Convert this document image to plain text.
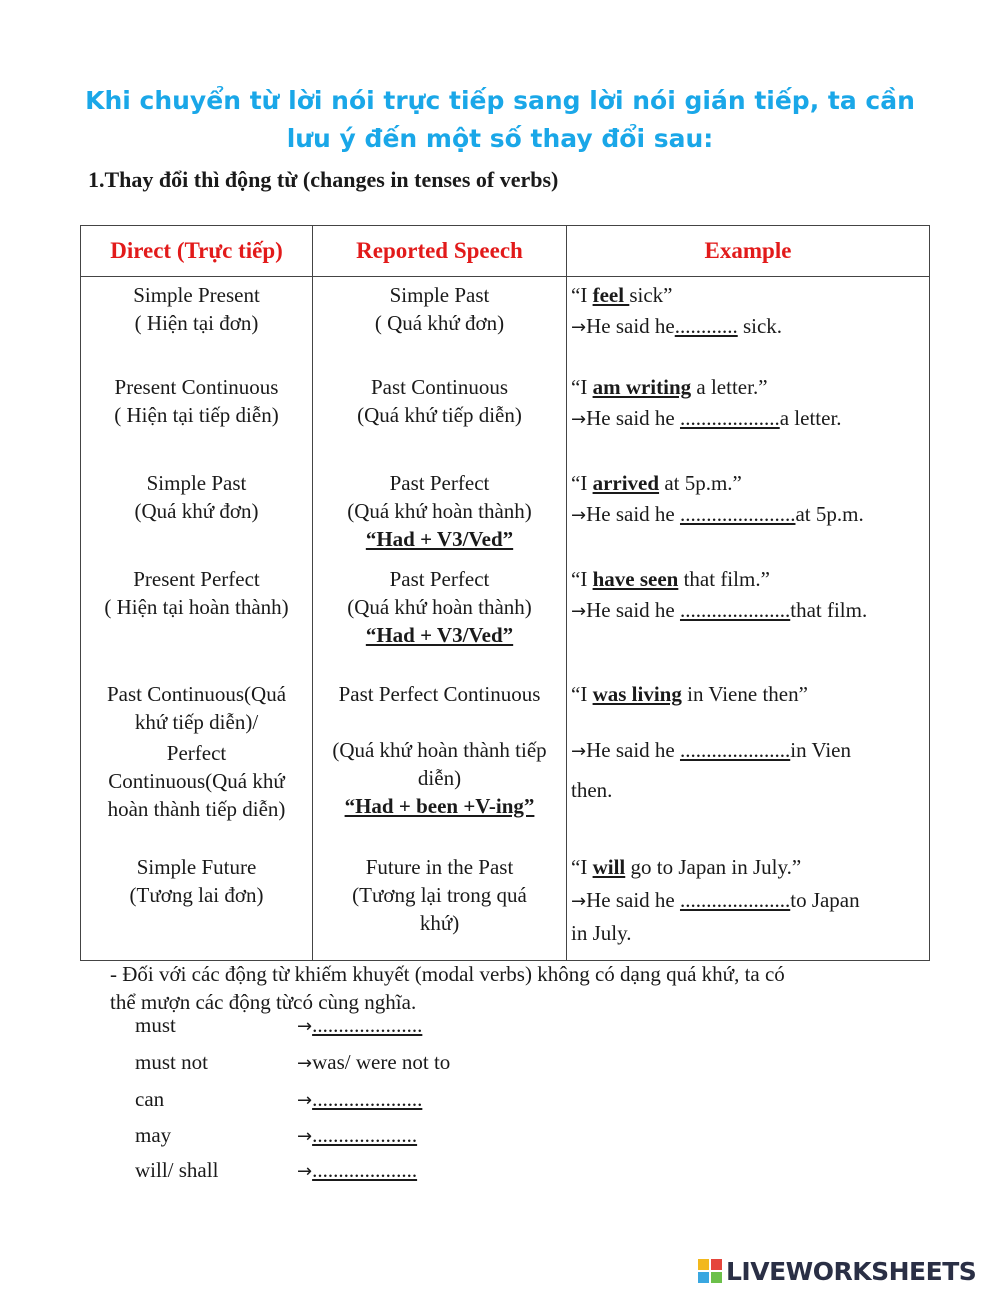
Khi chuyển từ lời nói trực tiếp sang lời nói gián tiếp, ta cần
lưu ý đến một số thay đổi sau:
1.Thay đổi thì động từ (changes in tenses of verbs)
Direct (Trực tiếp)	Reported Speech	Example

Simple Present
( Hiện tại đơn)	Simple Past
( Quá khứ đơn)	“I feel sick”
→He said he............ sick.

Present Continuous
( Hiện tại tiếp diễn)	Past Continuous
(Quá khứ tiếp diễn)	“I am writing a letter.”
→He said he ...................a letter.

Simple Past
(Quá khứ đơn)	Past Perfect
(Quá khứ hoàn thành)
“Had + V3/Ved”	“I arrived at 5p.m.”
→He said he ......................at 5p.m.

Present Perfect
( Hiện tại hoàn thành)	Past Perfect
(Quá khứ hoàn thành)
“Had + V3/Ved”	“I have seen that film.”
→He said he .....................that film.

Past Continuous(Quá
khứ tiếp diễn)/
Perfect
Continuous(Quá khứ
hoàn thành tiếp diễn)	Past Perfect Continuous
(Quá khứ hoàn thành tiếp
diễn)
“Had + been +V-ing”	“I was living in Viene then”
→He said he .....................in Vien
then.

Simple Future
(Tương lai đơn)	Future in the Past
(Tương lại trong quá
khứ)	“I will go to Japan in July.”
→He said he .....................to Japan
in July.
- Đối với các động từ khiếm khuyết (modal verbs) không có dạng quá khứ, ta có
thể mượn các động từcó cùng nghĩa.
must	→.....................
must not	→was/ were not to
can	→.....................
may	→....................
will/ shall	→....................
LIVEWORKSHEETS
